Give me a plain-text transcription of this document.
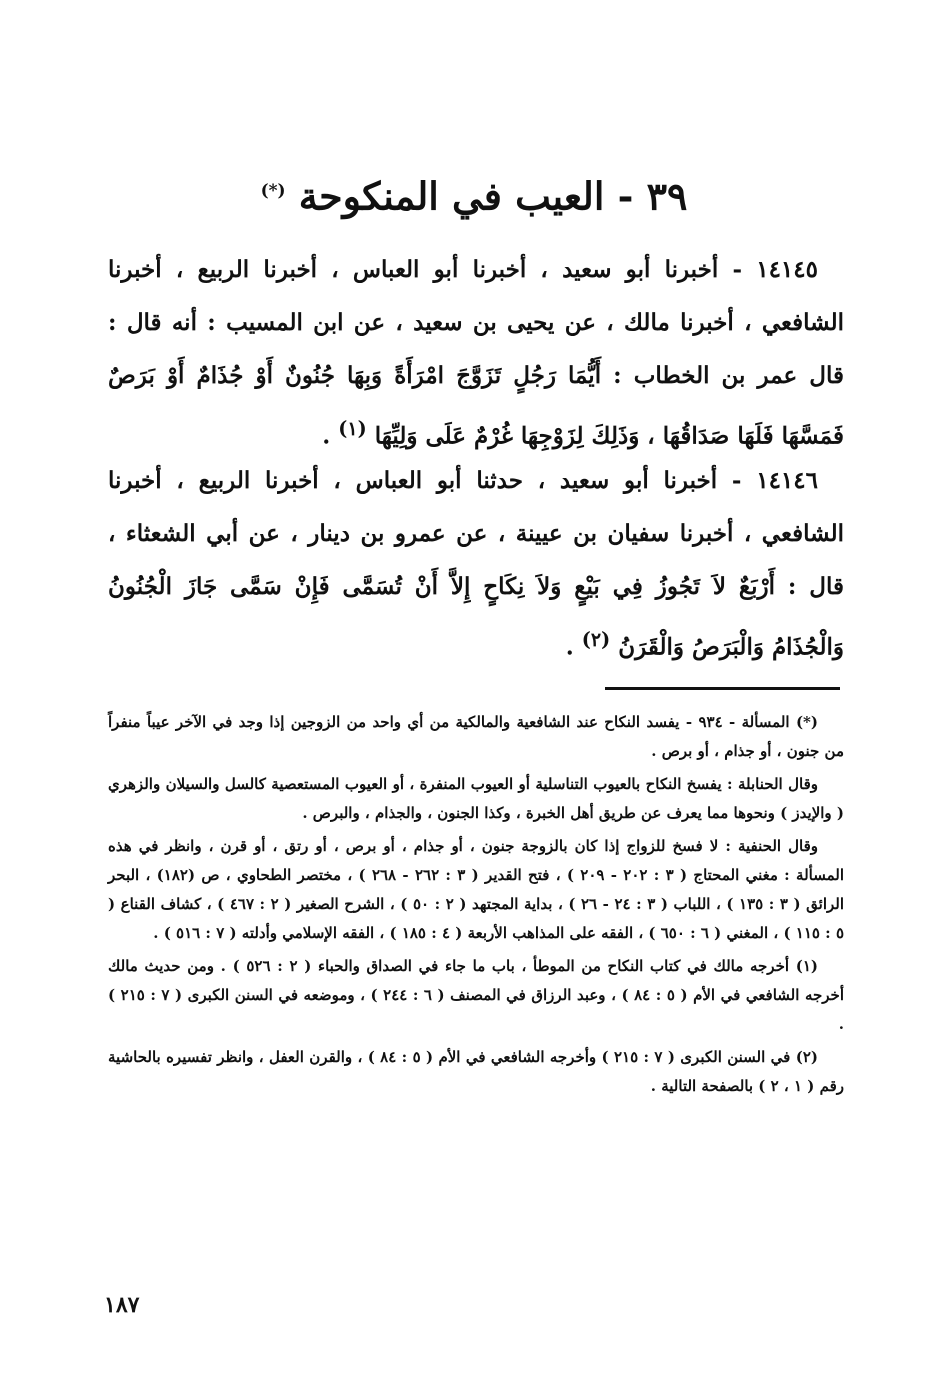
٣٩ - العيب في المنكوحة (*)

١٤١٤٥ - أخبرنا أبو سعيد ، أخبرنا أبو العباس ، أخبرنا الربيع ، أخبرنا الشافعي ، أخبرنا مالك ، عن يحيى بن سعيد ، عن ابن المسيب : أنه قال : قال عمر بن الخطاب : أَيُّمَا رَجُلٍ تَزَوَّجَ امْرَأَةً وَبِهَا جُنُونٌ أَوْ جُذَامٌ أَوْ بَرَصٌ فَمَسَّهَا فَلَهَا صَدَاقُهَا ، وَذَلِكَ لِزَوْجِهَا غُرْمٌ عَلَى وَلِيِّهَا $^{(١)}$ .

١٤١٤٦ - أخبرنا أبو سعيد ، حدثنا أبو العباس ، أخبرنا الربيع ، أخبرنا الشافعي ، أخبرنا سفيان بن عيينة ، عن عمرو بن دينار ، عن أبي الشعثاء ، قال : أَرْبَعٌ لاَ تَجُوزُ فِي بَيْعٍ وَلاَ نِكَاحٍ إِلاَّ أَنْ تُسَمَّى فَإِنْ سَمَّى جَازَ الْجُنُونُ وَالْجُذَامُ وَالْبَرَصُ وَالْقَرَنُ $^{(٢)}$ .

(*) المسألة - ٩٣٤ - يفسد النكاح عند الشافعية والمالكية من أي واحد من الزوجين إذا وجد في الآخر عيباً منفراً من جنون ، أو جذام ، أو برص .

وقال الحنابلة : يفسخ النكاح بالعيوب التناسلية أو العيوب المنفرة ، أو العيوب المستعصية كالسل والسيلان والزهري ( والإيدز ) ونحوها مما يعرف عن طريق أهل الخبرة ، وكذا الجنون ، والجذام ، والبرص .

وقال الحنفية : لا فسخ للزواج إذا كان بالزوجة جنون ، أو جذام ، أو برص ، أو رتق ، أو قرن ، وانظر في هذه المسألة : مغني المحتاج ( ٣ : ٢٠٢ - ٢٠٩ ) ، فتح القدير ( ٣ : ٢٦٢ - ٢٦٨ ) ، مختصر الطحاوي ، ص (١٨٢) ، البحر الرائق ( ٣ : ١٣٥ ) ، اللباب ( ٣ : ٢٤ - ٢٦ ) ، بداية المجتهد ( ٢ : ٥٠ ) ، الشرح الصغير ( ٢ : ٤٦٧ ) ، كشاف القناع ( ٥ : ١١٥ ) ، المغني ( ٦ : ٦٥٠ ) ، الفقه على المذاهب الأربعة ( ٤ : ١٨٥ ) ، الفقه الإسلامي وأدلته ( ٧ : ٥١٦ ) .

(١) أخرجه مالك في كتاب النكاح من الموطأ ، باب ما جاء في الصداق والحباء ( ٢ : ٥٢٦ ) . ومن حديث مالك أخرجه الشافعي في الأم ( ٥ : ٨٤ ) ، وعبد الرزاق في المصنف ( ٦ : ٢٤٤ ) ، وموضعه في السنن الكبرى ( ٧ : ٢١٥ ) .

(٢) في السنن الكبرى ( ٧ : ٢١٥ ) وأخرجه الشافعي في الأم ( ٥ : ٨٤ ) ، والقرن العفل ، وانظر تفسيره بالحاشية رقم ( ١ ، ٢ ) بالصفحة التالية .

١٨٧
